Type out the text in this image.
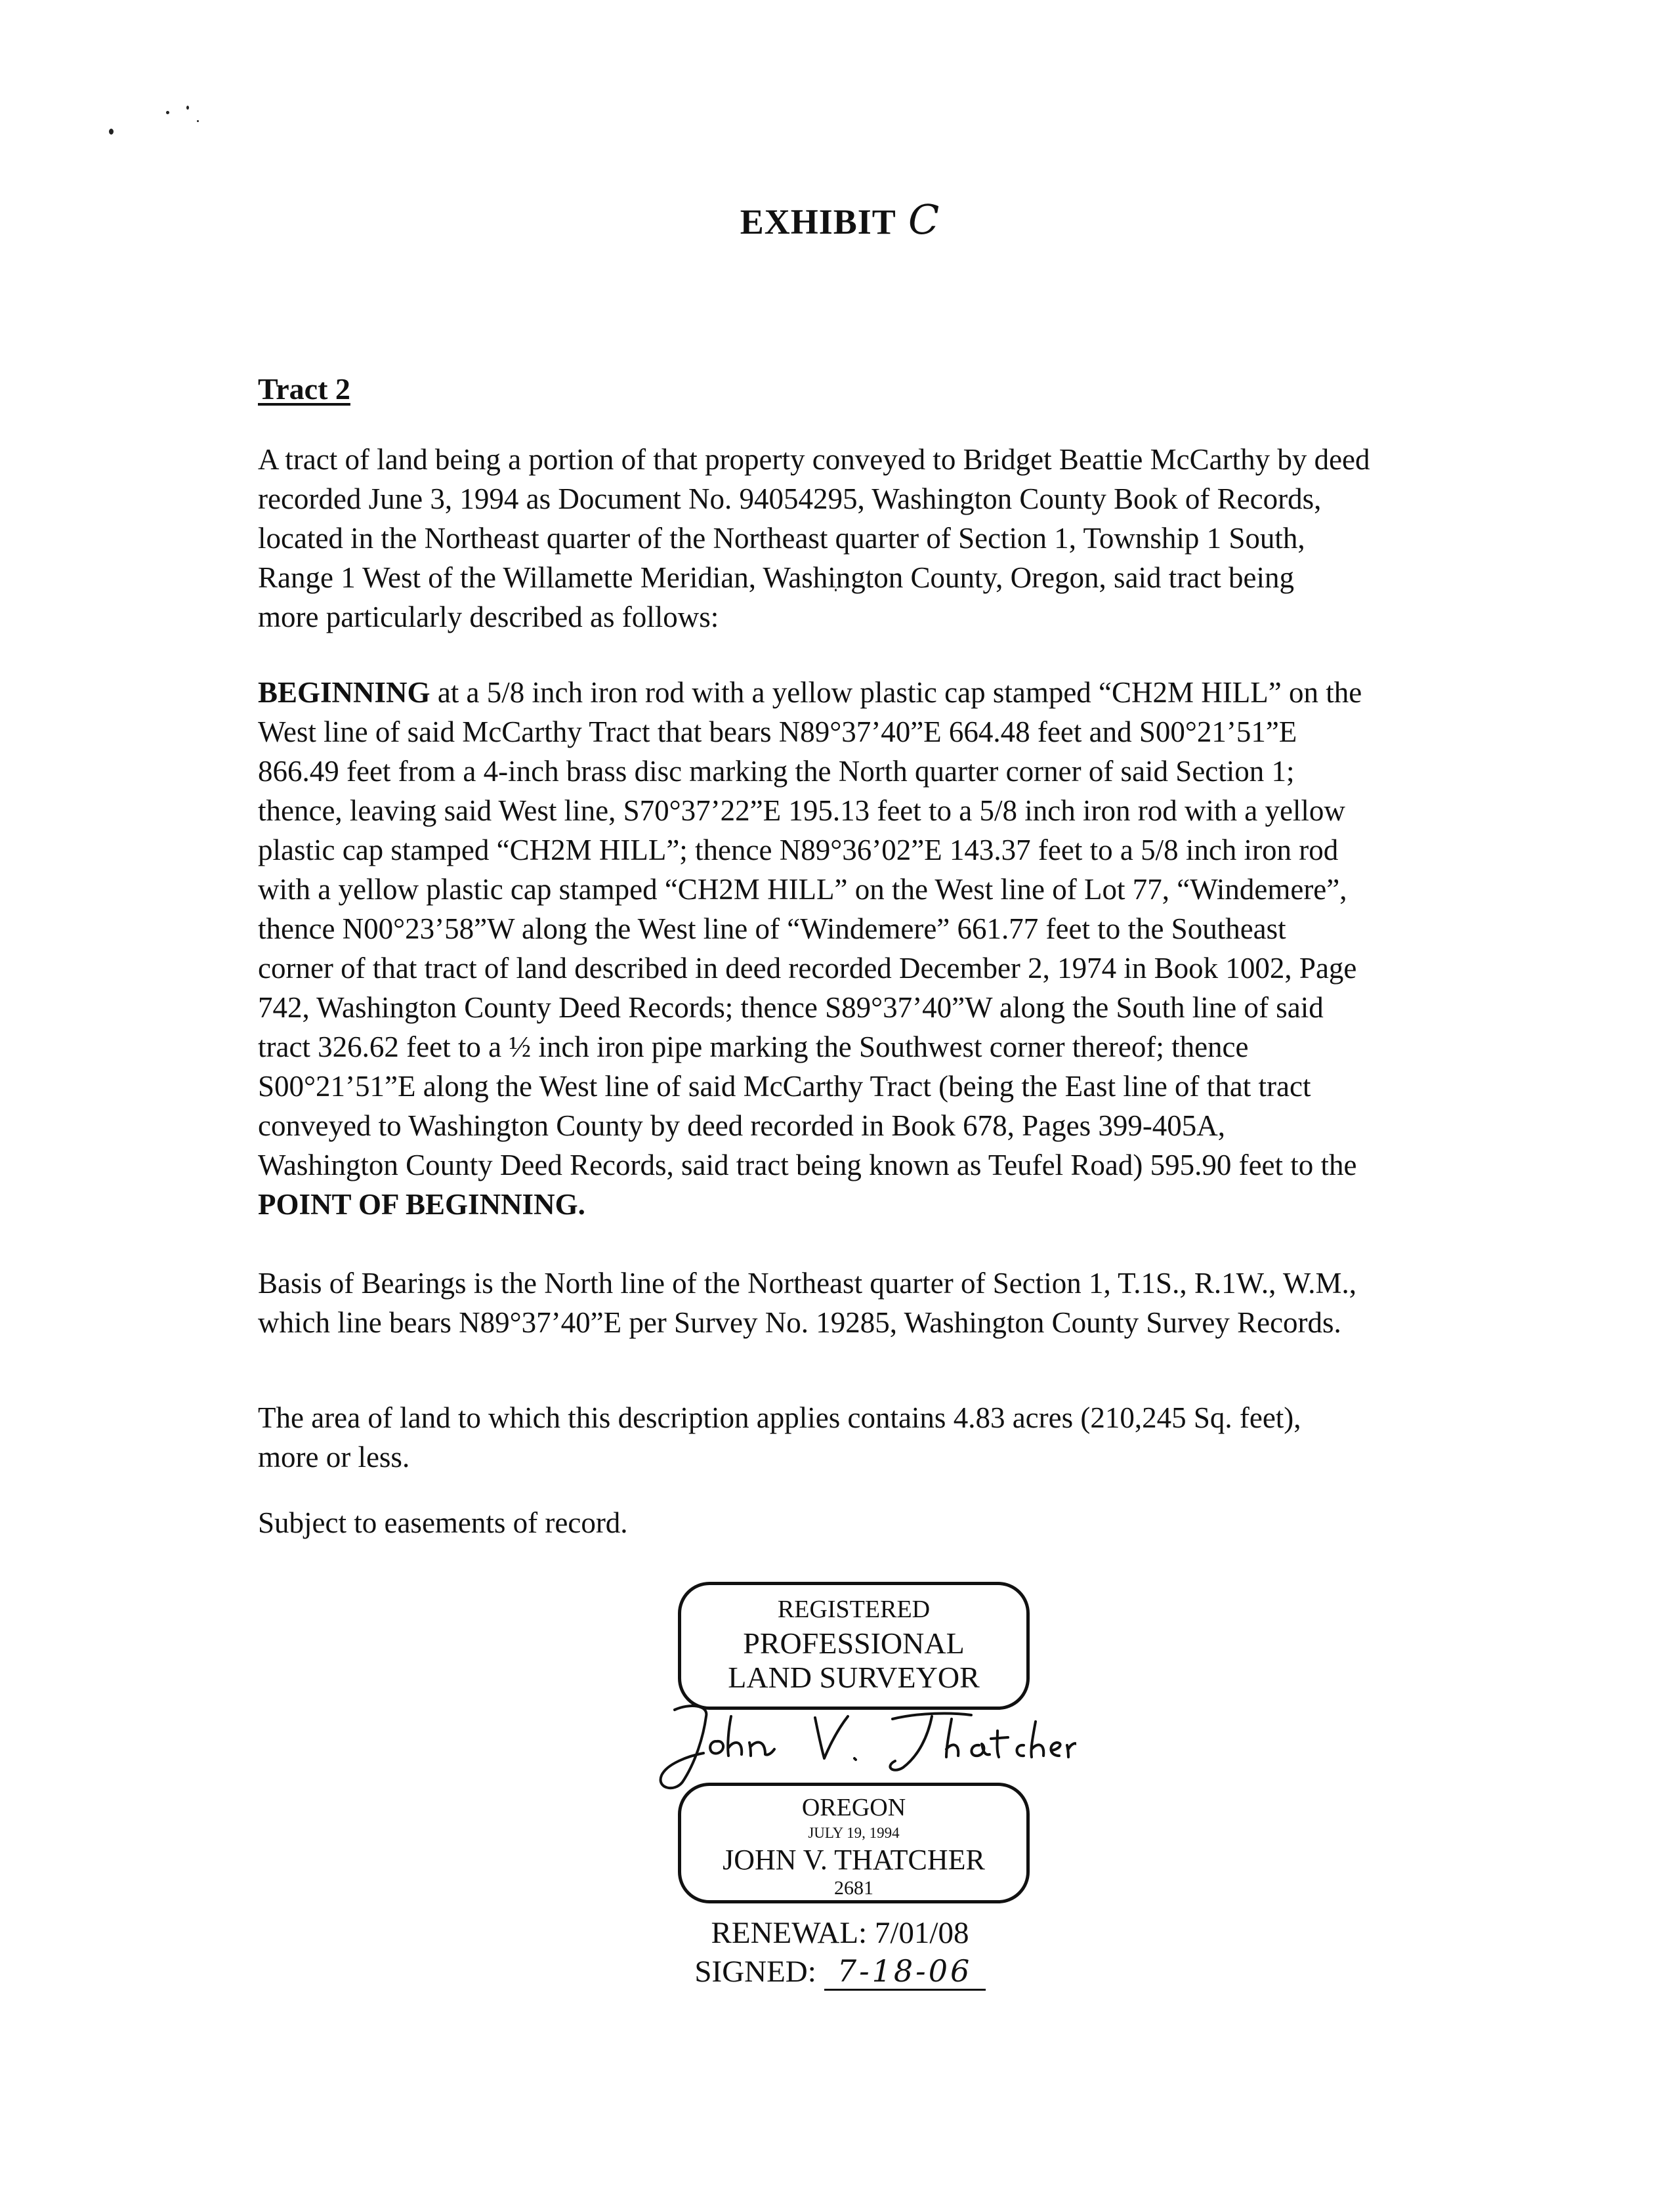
EXHIBIT C
Tract 2

A tract of land being a portion of that property conveyed to Bridget Beattie McCarthy by deed
recorded June 3, 1994 as Document No. 94054295, Washington County Book of Records,
located in the Northeast quarter of the Northeast quarter of Section 1, Township 1 South,
Range 1 West of the Willamette Meridian, Washington County, Oregon, said tract being
more particularly described as follows:

BEGINNING at a 5/8 inch iron rod with a yellow plastic cap stamped “CH2M HILL” on the
West line of said McCarthy Tract that bears N89°37’40”E 664.48 feet and S00°21’51”E
866.49 feet from a 4-inch brass disc marking the North quarter corner of said Section 1;
thence, leaving said West line, S70°37’22”E 195.13 feet to a 5/8 inch iron rod with a yellow
plastic cap stamped “CH2M HILL”; thence N89°36’02”E 143.37 feet to a 5/8 inch iron rod
with a yellow plastic cap stamped “CH2M HILL” on the West line of Lot 77, “Windemere”,
thence N00°23’58”W along the West line of “Windemere” 661.77 feet to the Southeast
corner of that tract of land described in deed recorded December 2, 1974 in Book 1002, Page
742, Washington County Deed Records; thence S89°37’40”W along the South line of said
tract 326.62 feet to a ½ inch iron pipe marking the Southwest corner thereof; thence
S00°21’51”E along the West line of said McCarthy Tract (being the East line of that tract
conveyed to Washington County by deed recorded in Book 678, Pages 399-405A,
Washington County Deed Records, said tract being known as Teufel Road) 595.90 feet to the
POINT OF BEGINNING.

Basis of Bearings is the North line of the Northeast quarter of Section 1, T.1S., R.1W., W.M.,
which line bears N89°37’40”E per Survey No. 19285, Washington County Survey Records.

The area of land to which this description applies contains 4.83 acres (210,245 Sq. feet),
more or less.

Subject to easements of record.

REGISTERED
PROFESSIONAL
LAND SURVEYOR
OREGON
JULY 19, 1994
JOHN V. THATCHER
2681
RENEWAL: 7/01/08
SIGNED: 7-18-06
